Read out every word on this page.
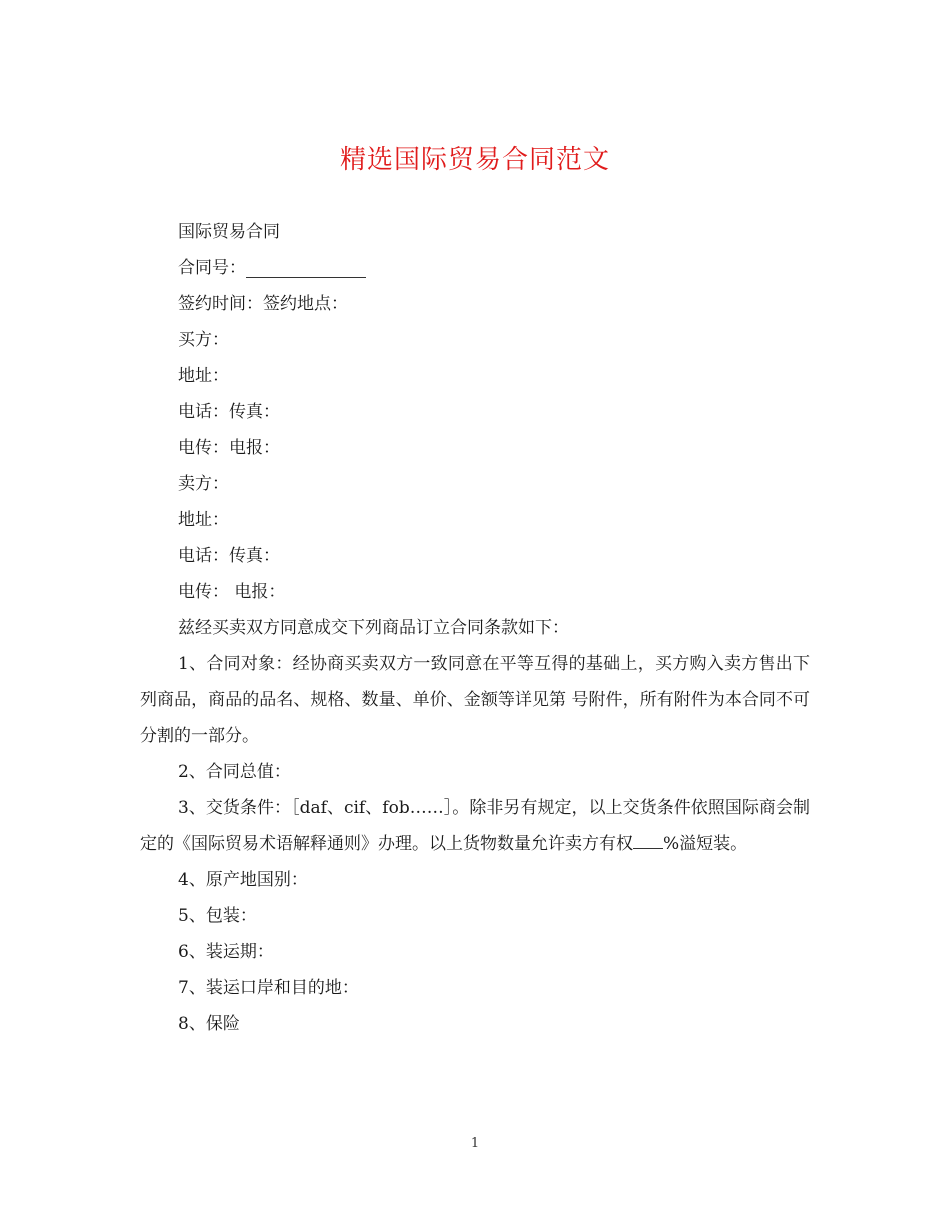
精选国际贸易合同范文
国际贸易合同
合同号：
签约时间：签约地点：
买方：
地址：
电话：传真：
电传：电报：
卖方：
地址：
电话：传真：
电传： 电报：
兹经买卖双方同意成交下列商品订立合同条款如下：
1、合同对象：经协商买卖双方一致同意在平等互得的基础上，买方购入卖方售出下列商品，商品的品名、规格、数量、单价、金额等详见第 号附件，所有附件为本合同不可分割的一部分。
2、合同总值：
3、交货条件：［daf、cif、fob……］。除非另有规定，以上交货条件依照国际商会制定的《国际贸易术语解释通则》办理。以上货物数量允许卖方有权 %溢短装。
4、原产地国别：
5、包装：
6、装运期：
7、装运口岸和目的地：
8、保险
1
